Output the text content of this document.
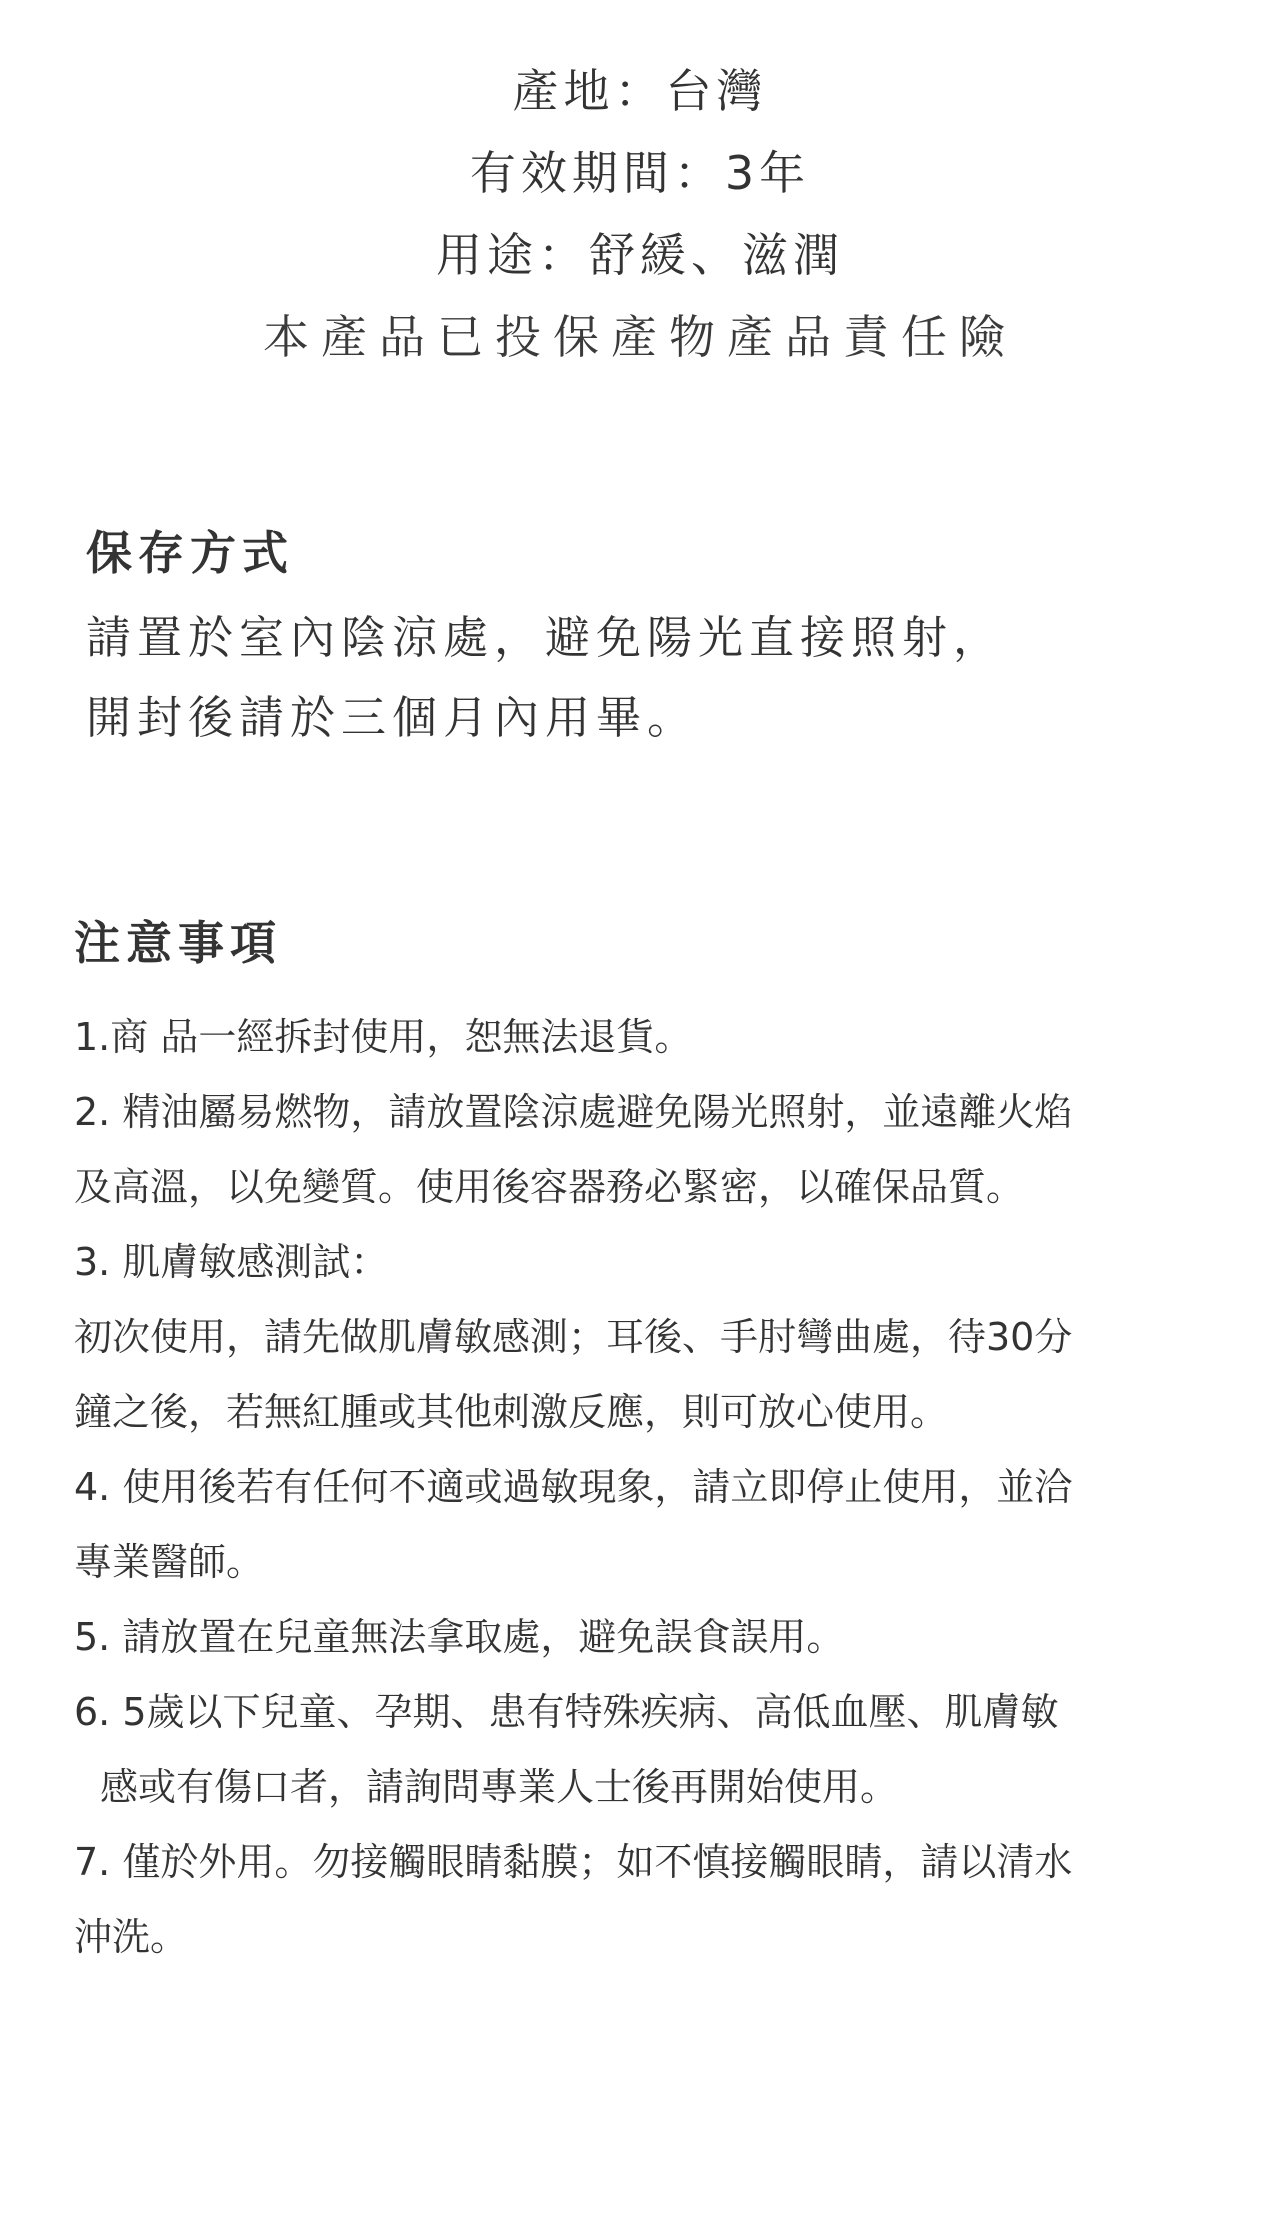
產地：台灣
有效期間：3年
用途：舒緩、滋潤
本產品已投保產物產品責任險
保存方式
請置於室內陰涼處，避免陽光直接照射，
開封後請於三個月內用畢。
注意事項
1.商 品一經拆封使用，恕無法退貨。
2. 精油屬易燃物，請放置陰涼處避免陽光照射，並遠離火焰
及高溫，以免變質。使用後容器務必緊密，以確保品質。
3. 肌膚敏感測試：
初次使用，請先做肌膚敏感測；耳後、手肘彎曲處，待30分
鐘之後，若無紅腫或其他刺激反應，則可放心使用。
4. 使用後若有任何不適或過敏現象，請立即停止使用，並洽
專業醫師。
5. 請放置在兒童無法拿取處，避免誤食誤用。
6. 5歲以下兒童、孕期、患有特殊疾病、高低血壓、肌膚敏
感或有傷口者，請詢問專業人士後再開始使用。
7. 僅於外用。勿接觸眼睛黏膜；如不慎接觸眼睛，請以清水
沖洗。
